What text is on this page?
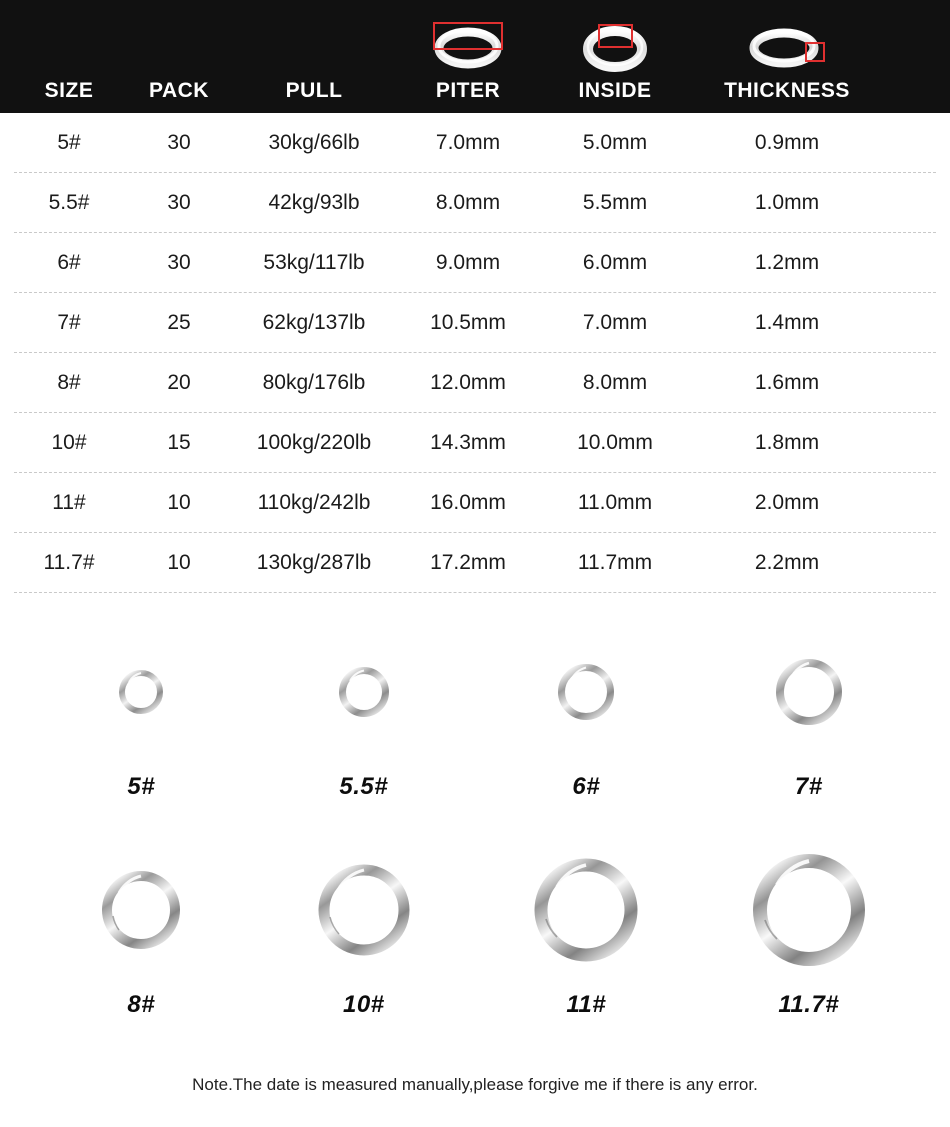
SIZE	PACK	PULL	PITER	INSIDE	THICKNESS
5#	30	30kg/66lb	7.0mm	5.0mm	0.9mm
5.5#	30	42kg/93lb	8.0mm	5.5mm	1.0mm
6#	30	53kg/117lb	9.0mm	6.0mm	1.2mm
7#	25	62kg/137lb	10.5mm	7.0mm	1.4mm
8#	20	80kg/176lb	12.0mm	8.0mm	1.6mm
10#	15	100kg/220lb	14.3mm	10.0mm	1.8mm
11#	10	110kg/242lb	16.0mm	11.0mm	2.0mm
11.7#	10	130kg/287lb	17.2mm	11.7mm	2.2mm
5#	5.5#	6#	7#
8#	10#	11#	11.7#
Note.The date is measured manually,please forgive me if there is any error.
